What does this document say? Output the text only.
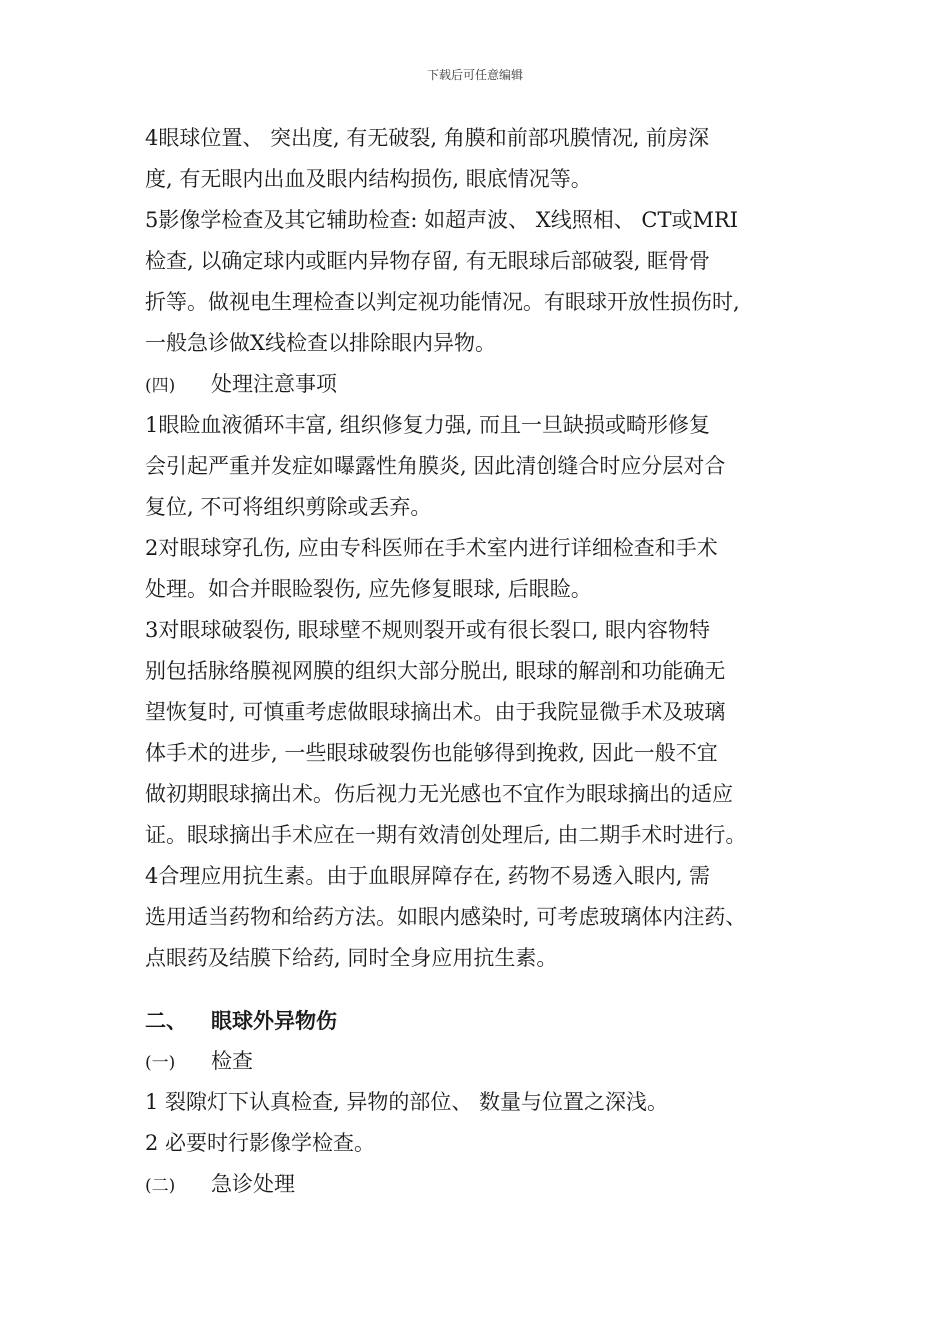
下载后可任意编辑
4眼球位置、 突出度, 有无破裂, 角膜和前部巩膜情况, 前房深
度, 有无眼内出血及眼内结构损伤, 眼底情况等。
5影像学检查及其它辅助检查: 如超声波、 X线照相、 CT或MRI
检查, 以确定球内或眶内异物存留, 有无眼球后部破裂, 眶骨骨
折等。做视电生理检查以判定视功能情况。有眼球开放性损伤时,
一般急诊做X线检查以排除眼内异物。
(四) 处理注意事项
1眼睑血液循环丰富, 组织修复力强, 而且一旦缺损或畸形修复
会引起严重并发症如曝露性角膜炎, 因此清创缝合时应分层对合
复位, 不可将组织剪除或丢弃。
2对眼球穿孔伤, 应由专科医师在手术室内进行详细检查和手术
处理。如合并眼睑裂伤, 应先修复眼球, 后眼睑。
3对眼球破裂伤, 眼球壁不规则裂开或有很长裂口, 眼内容物特
别包括脉络膜视网膜的组织大部分脱出, 眼球的解剖和功能确无
望恢复时, 可慎重考虑做眼球摘出术。由于我院显微手术及玻璃
体手术的进步, 一些眼球破裂伤也能够得到挽救, 因此一般不宜
做初期眼球摘出术。伤后视力无光感也不宜作为眼球摘出的适应
证。眼球摘出手术应在一期有效清创处理后, 由二期手术时进行。
4合理应用抗生素。由于血眼屏障存在, 药物不易透入眼内, 需
选用适当药物和给药方法。如眼内感染时, 可考虑玻璃体内注药、
点眼药及结膜下给药, 同时全身应用抗生素。
二、 眼球外异物伤
(一) 检查
1 裂隙灯下认真检查, 异物的部位、 数量与位置之深浅。
2 必要时行影像学检查。
(二) 急诊处理
